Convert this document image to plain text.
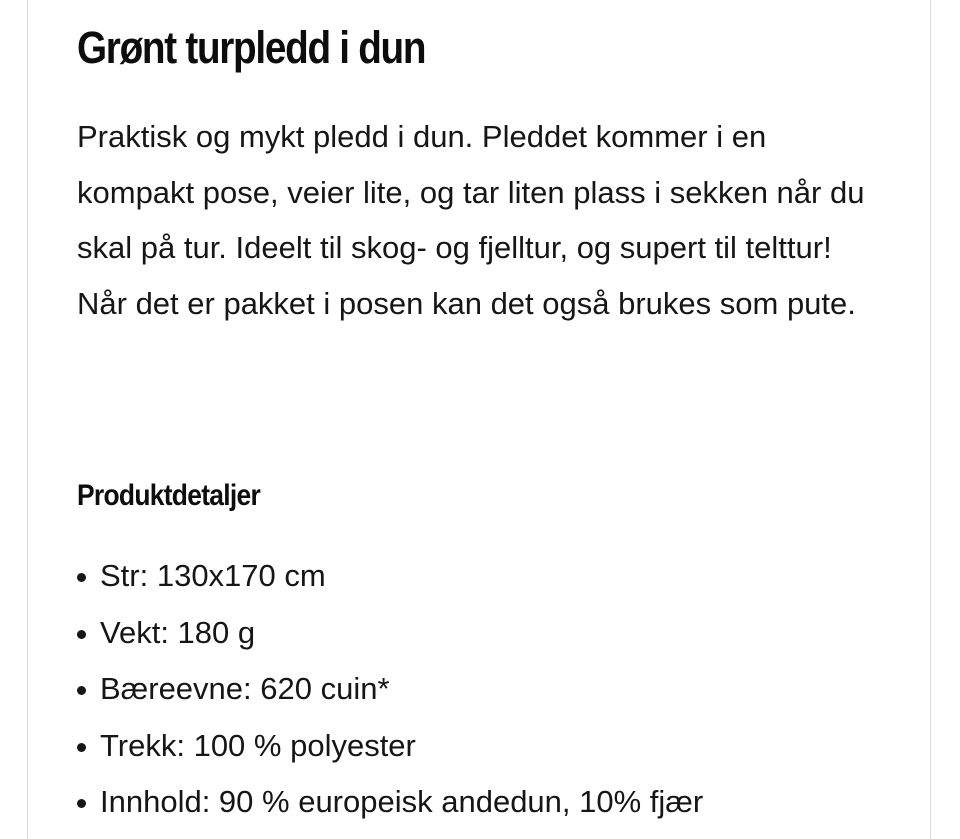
Grønt turpledd i dun

Praktisk og mykt pledd i dun. Pleddet kommer i en kompakt pose, veier lite, og tar liten plass i sekken når du skal på tur. Ideelt til skog- og fjelltur, og supert til telttur! Når det er pakket i posen kan det også brukes som pute.

Produktdetaljer
Str: 130x170 cm
Vekt: 180 g
Bæreevne: 620 cuin*
Trekk: 100 % polyester
Innhold: 90 % europeisk andedun, 10% fjær
